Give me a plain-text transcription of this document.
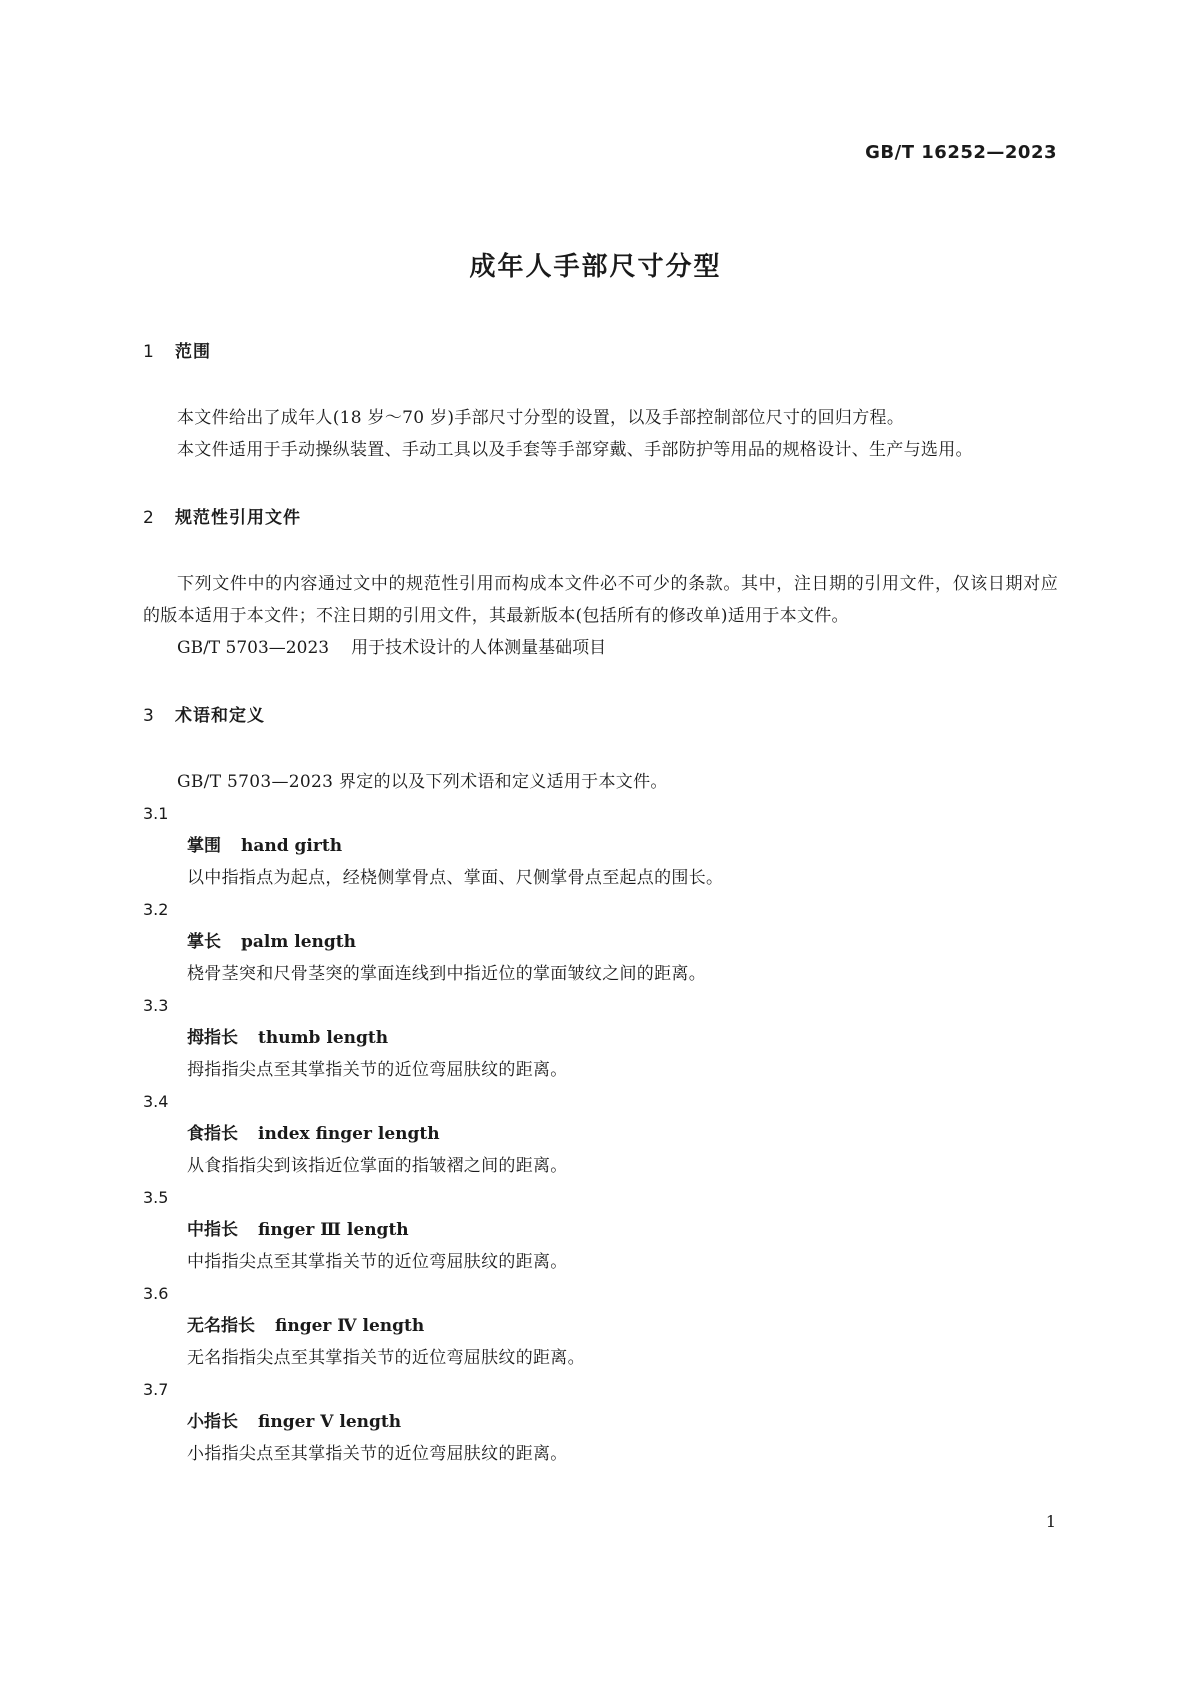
GB/T 16252—2023
成年人手部尺寸分型
1 范围

本文件给出了成年人(18 岁～70 岁)手部尺寸分型的设置，以及手部控制部位尺寸的回归方程。

本文件适用于手动操纵装置、手动工具以及手套等手部穿戴、手部防护等用品的规格设计、生产与选用。

2 规范性引用文件

下列文件中的内容通过文中的规范性引用而构成本文件必不可少的条款。其中，注日期的引用文件，仅该日期对应的版本适用于本文件；不注日期的引用文件，其最新版本(包括所有的修改单)适用于本文件。

GB/T 5703—2023 用于技术设计的人体测量基础项目

3 术语和定义

GB/T 5703—2023 界定的以及下列术语和定义适用于本文件。

3.1

掌围 hand girth

以中指指点为起点，经桡侧掌骨点、掌面、尺侧掌骨点至起点的围长。

3.2

掌长 palm length

桡骨茎突和尺骨茎突的掌面连线到中指近位的掌面皱纹之间的距离。

3.3

拇指长 thumb length

拇指指尖点至其掌指关节的近位弯屈肤纹的距离。

3.4

食指长 index finger length

从食指指尖到该指近位掌面的指皱褶之间的距离。

3.5

中指长 finger Ⅲ length

中指指尖点至其掌指关节的近位弯屈肤纹的距离。

3.6

无名指长 finger Ⅳ length

无名指指尖点至其掌指关节的近位弯屈肤纹的距离。

3.7

小指长 finger Ⅴ length

小指指尖点至其掌指关节的近位弯屈肤纹的距离。

1
